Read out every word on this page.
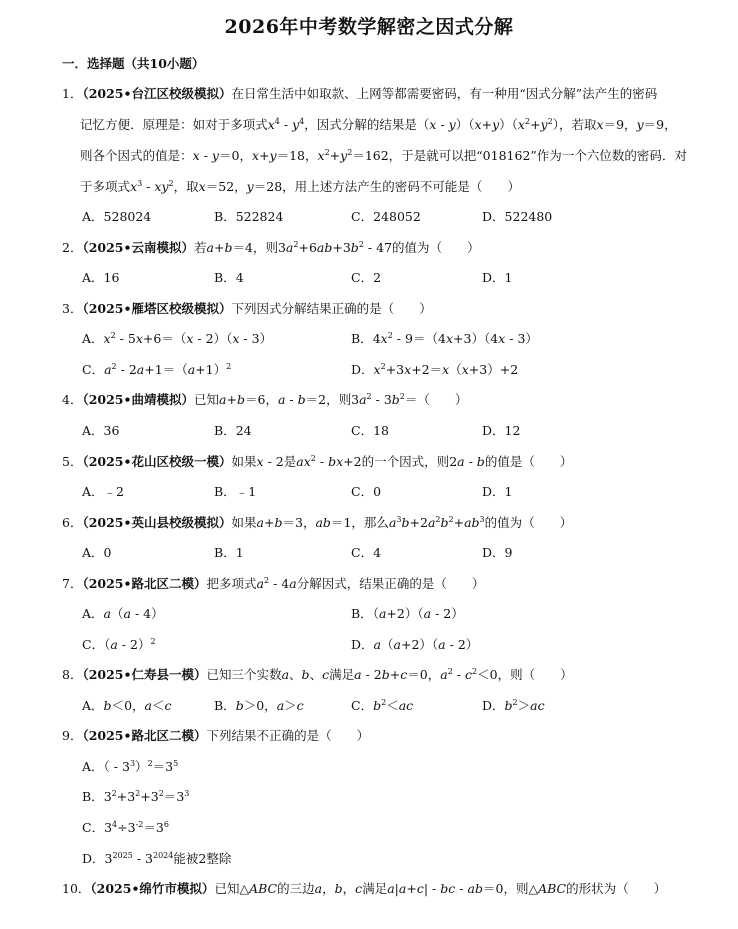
2026年中考数学解密之因式分解
一．选择题（共10小题）
1．（2025•台江区校级模拟）在日常生活中如取款、上网等都需要密码，有一种用“因式分解”法产生的密码
记忆方便．原理是：如对于多项式$x^4 - y^4$，因式分解的结果是$(x - y)(x+y)(x^2+y^2)$，若取x＝9，y＝9，
则各个因式的值是：x - y＝0，x+y＝18，$x^2+y^2=162$，于是就可以把“018162”作为一个六位数的密码．对
于多项式$x^3 - xy^2$，取x＝52，y＝28，用上述方法产生的密码不可能是（　　 ）
A．528024	B．522824	C．248052	D．522480
2．（2025•云南模拟）若a+b＝4，则$3a^2+6ab+3b^2 - 47$的值为（　　 ）
A．16	B．4	C．2	D．1
3．（2025•雁塔区校级模拟）下列因式分解结果正确的是（　　 ）
A．$x^2 - 5x+6=(x - 2)(x - 3)$	B．$4x^2 - 9=(4x+3)(4x - 3)$
C．$a^2 - 2a+1=(a+1)^2$	D．$x^2+3x+2=x(x+3)+2$
4．（2025•曲靖模拟）已知a+b＝6，a - b＝2，则$3a^2 - 3b^2=$（　　 ）
A．36	B．24	C．18	D．12
5．（2025•花山区校级一模）如果x - 2是$ax^2 - bx+2$的一个因式，则2a - b的值是（　　 ）
A．﹣2	B．﹣1	C．0	D．1
6．（2025•英山县校级模拟）如果a+b＝3，ab＝1，那么$a^3b+2a^2b^2+ab^3$的值为（　　 ）
A．0	B．1	C．4	D．9
7．（2025•路北区二模）把多项式$a^2 - 4a$分解因式，结果正确的是（　　 ）
A．a（a - 4）	B．（a+2）（a - 2）
C．（a - 2）$^2$	D．a（a+2）（a - 2）
8．（2025•仁寿县一模）已知三个实数a、b、c满足a - 2b+c＝0，$a^2 - c^2<0$，则（　　 ）
A．b＜0，a＜c	B．b＞0，a＞c	C．$b^2<ac$	D．$b^2>ac$
9．（2025•路北区二模）下列结果不正确的是（　　 ）
A．（ - $3^3)^2=3^5$
B．$3^2+3^2+3^2=3^3$
C．$3^4\div 3^{-2}=3^6$
D．$3^{2025} - 3^{2024}$能被2整除
10．（2025•绵竹市模拟）已知△ABC的三边a，b，c满足a|a+c| - bc - ab＝0，则△ABC的形状为（　　 ）
